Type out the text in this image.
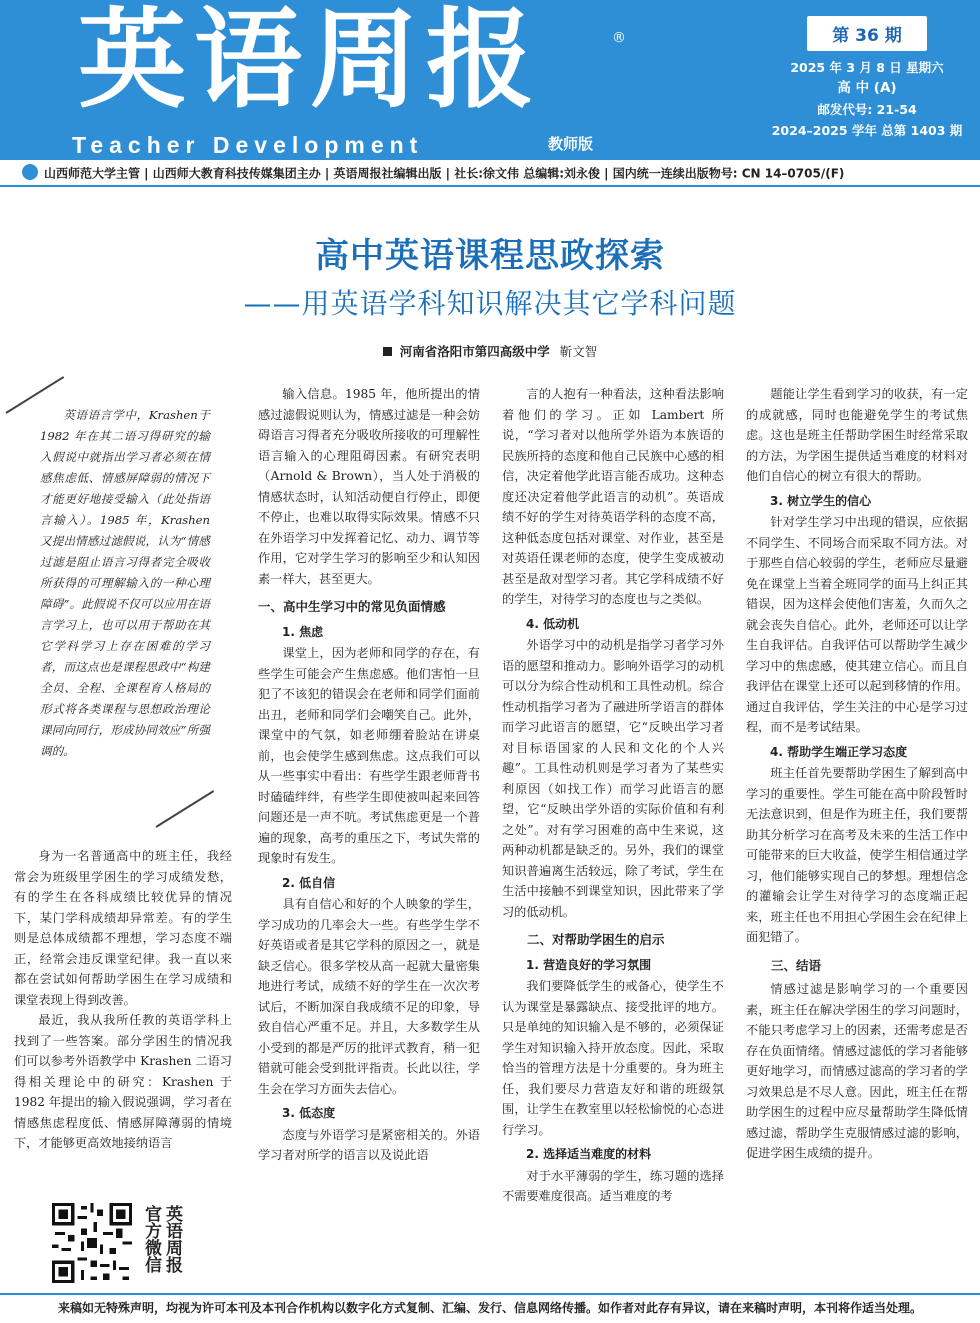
英语周报	®
Teacher Development	教师版
第 36 期
2025 年 3 月 8 日 星期六
高 中 (A)
邮发代号: 21-54
2024–2025 学年 总第 1403 期
山西师范大学主管 | 山西师大教育科技传媒集团主办 | 英语周报社编辑出版 | 社长:徐文伟 总编辑:刘永俊 | 国内统一连续出版物号: CN 14–0705/(F)
高中英语课程思政探索
——用英语学科知识解决其它学科问题
河南省洛阳市第四高级中学 靳文智

英语语言学中，Krashen于 1982 年在其二语习得研究的输入假说中就指出学习者必须在情感焦虑低、情感屏障弱的情况下才能更好地接受输入（此处指语言输入）。1985 年，Krashen 又提出情感过滤假说，认为“情感过滤是阻止语言习得者完全吸收所获得的可理解输入的一种心理障碍”。此假说不仅可以应用在语言学习上，也可以用于帮助在其它学科学习上存在困难的学习者，而这点也是课程思政中“构建全员、全程、全课程育人格局的形式将各类课程与思想政治理论课同向同行，形成协同效应”所强调的。

身为一名普通高中的班主任，我经常会为班级里学困生的学习成绩发愁，有的学生在各科成绩比较优异的情况下，某门学科成绩却异常差。有的学生则是总体成绩都不理想，学习态度不端正，经常会违反课堂纪律。我一直以来都在尝试如何帮助学困生在学习成绩和课堂表现上得到改善。

最近，我从我所任教的英语学科上找到了一些答案。部分学困生的情况我们可以参考外语教学中 Krashen 二语习得相关理论中的研究：Krashen 于 1982 年提出的输入假说强调，学习者在情感焦虑程度低、情感屏障薄弱的情境下，才能够更高效地接纳语言

英语周报官方微信

输入信息。1985 年，他所提出的情感过滤假说则认为，情感过滤是一种会妨碍语言习得者充分吸收所接收的可理解性语言输入的心理阻碍因素。有研究表明（Arnold & Brown），当人处于消极的情感状态时，认知活动便自行停止，即便不停止，也难以取得实际效果。情感不只在外语学习中发挥着记忆、动力、调节等作用，它对学生学习的影响至少和认知因素一样大，甚至更大。

一、高中生学习中的常见负面情感
1. 焦虑

课堂上，因为老师和同学的存在，有些学生可能会产生焦虑感。他们害怕一旦犯了不该犯的错误会在老师和同学们面前出丑，老师和同学们会嘲笑自己。此外，课堂中的气氛，如老师绷着脸站在讲桌前，也会使学生感到焦虑。这点我们可以从一些事实中看出：有些学生跟老师背书时磕磕绊绊，有些学生即使被叫起来回答问题还是一声不吭。考试焦虑更是一个普遍的现象，高考的重压之下，考试失常的现象时有发生。

2. 低自信

具有自信心和好的个人映象的学生，学习成功的几率会大一些。有些学生学不好英语或者是其它学科的原因之一，就是缺乏信心。很多学校从高一起就大量密集地进行考试，成绩不好的学生在一次次考试后，不断加深自我成绩不足的印象，导致自信心严重不足。并且，大多数学生从小受到的都是严厉的批评式教育，稍一犯错就可能会受到批评指责。长此以往，学生会在学习方面失去信心。

3. 低态度

态度与外语学习是紧密相关的。外语学习者对所学的语言以及说此语

言的人抱有一种看法，这种看法影响着他们的学习。正如 Lambert 所说，“学习者对以他所学外语为本族语的民族所持的态度和他自己民族中心感的相信，决定着他学此语言能否成功。这种态度还决定着他学此语言的动机”。英语成绩不好的学生对待英语学科的态度不高，这种低态度包括对课堂、对作业，甚至是对英语任课老师的态度，使学生变成被动甚至是敌对型学习者。其它学科成绩不好的学生，对待学习的态度也与之类似。

4. 低动机

外语学习中的动机是指学习者学习外语的愿望和推动力。影响外语学习的动机可以分为综合性动机和工具性动机。综合性动机指学习者为了融进所学语言的群体而学习此语言的愿望，它“反映出学习者对目标语国家的人民和文化的个人兴趣”。工具性动机则是学习者为了某些实利原因（如找工作）而学习此语言的愿望，它“反映出学外语的实际价值和有利之处”。对有学习困难的高中生来说，这两种动机都是缺乏的。另外，我们的课堂知识普遍离生活较远，除了考试，学生在生活中接触不到课堂知识，因此带来了学习的低动机。

二、对帮助学困生的启示
1. 营造良好的学习氛围

我们要降低学生的戒备心，使学生不认为课堂是暴露缺点、接受批评的地方。只是单纯的知识输入是不够的，必须保证学生对知识输入持开放态度。因此，采取恰当的管理方法是十分重要的。身为班主任，我们要尽力营造友好和谐的班级氛围，让学生在教室里以轻松愉悦的心态进行学习。

2. 选择适当难度的材料

对于水平薄弱的学生，练习题的选择不需要难度很高。适当难度的考

题能让学生看到学习的收获，有一定的成就感，同时也能避免学生的考试焦虑。这也是班主任帮助学困生时经常采取的方法，为学困生提供适当难度的材料对他们自信心的树立有很大的帮助。

3. 树立学生的信心

针对学生学习中出现的错误，应依据不同学生、不同场合而采取不同方法。对于那些自信心较弱的学生，老师应尽量避免在课堂上当着全班同学的面马上纠正其错误，因为这样会使他们害羞，久而久之就会丧失自信心。此外，老师还可以让学生自我评估。自我评估可以帮助学生减少学习中的焦虑感，使其建立信心。而且自我评估在课堂上还可以起到移情的作用。通过自我评估，学生关注的中心是学习过程，而不是考试结果。

4. 帮助学生端正学习态度

班主任首先要帮助学困生了解到高中学习的重要性。学生可能在高中阶段暂时无法意识到，但是作为班主任，我们要帮助其分析学习在高考及未来的生活工作中可能带来的巨大收益，使学生相信通过学习，他们能够实现自己的梦想。理想信念的灌输会让学生对待学习的态度端正起来，班主任也不用担心学困生会在纪律上面犯错了。

三、结语

情感过滤是影响学习的一个重要因素，班主任在解决学困生的学习问题时，不能只考虑学习上的因素，还需考虑是否存在负面情绪。情感过滤低的学习者能够更好地学习，而情感过滤高的学习者的学习效果总是不尽人意。因此，班主任在帮助学困生的过程中应尽量帮助学生降低情感过滤，帮助学生克服情感过滤的影响，促进学困生成绩的提升。

来稿如无特殊声明，均视为许可本刊及本刊合作机构以数字化方式复制、汇编、发行、信息网络传播。如作者对此存有异议，请在来稿时声明，本刊将作适当处理。
